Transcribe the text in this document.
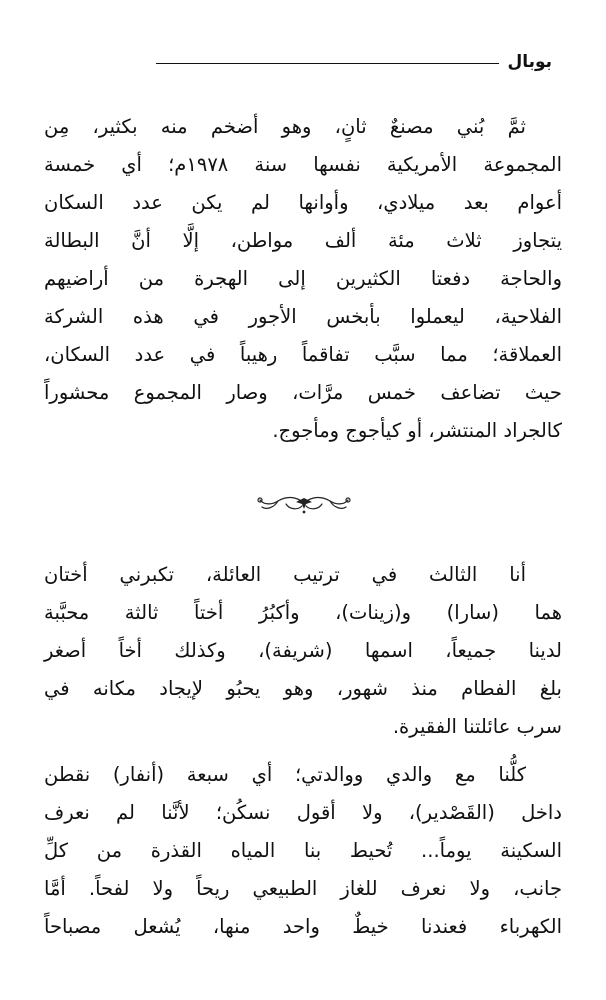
بوبال

ثمَّ بُني مصنعٌ ثانٍ، وهو أضخم منه بكثير، مِن
المجموعة الأمريكية نفسها سنة ١٩٧٨م؛ أي خمسة
أعوام بعد ميلادي، وأوانها لم يكن عدد السكان
يتجاوز ثلاث مئة ألف مواطن، إلَّا أنَّ البطالة
والحاجة دفعتا الكثيرين إلى الهجرة من أراضيهم
الفلاحية، ليعملوا بأبخس الأجور في هذه الشركة
العملاقة؛ مما سبَّب تفاقماً رهيباً في عدد السكان،
حيث تضاعف خمس مرَّات، وصار المجموع محشوراً
كالجراد المنتشر، أو كيأجوج ومأجوج.

أنا الثالث في ترتيب العائلة، تكبرني أختان
هما (سارا) و(زينات)، وأكبُرُ أختاً ثالثة محبَّبة
لدينا جميعاً، اسمها (شريفة)، وكذلك أخاً أصغر
بلغ الفطام منذ شهور، وهو يحبُو لإيجاد مكانه في
سرب عائلتنا الفقيرة.

كلُّنا مع والدي ووالدتي؛ أي سبعة (أنفار) نقطن
داخل (القَصْدير)، ولا أقول نسكُن؛ لأنَّنا لم نعرف
السكينة يوماً... تُحيط بنا المياه القذرة من كلِّ
جانب، ولا نعرف للغاز الطبيعي ريحاً ولا لفحاً. أمَّا
الكهرباء فعندنا خيطٌ واحد منها، يُشعل مصباحاً
